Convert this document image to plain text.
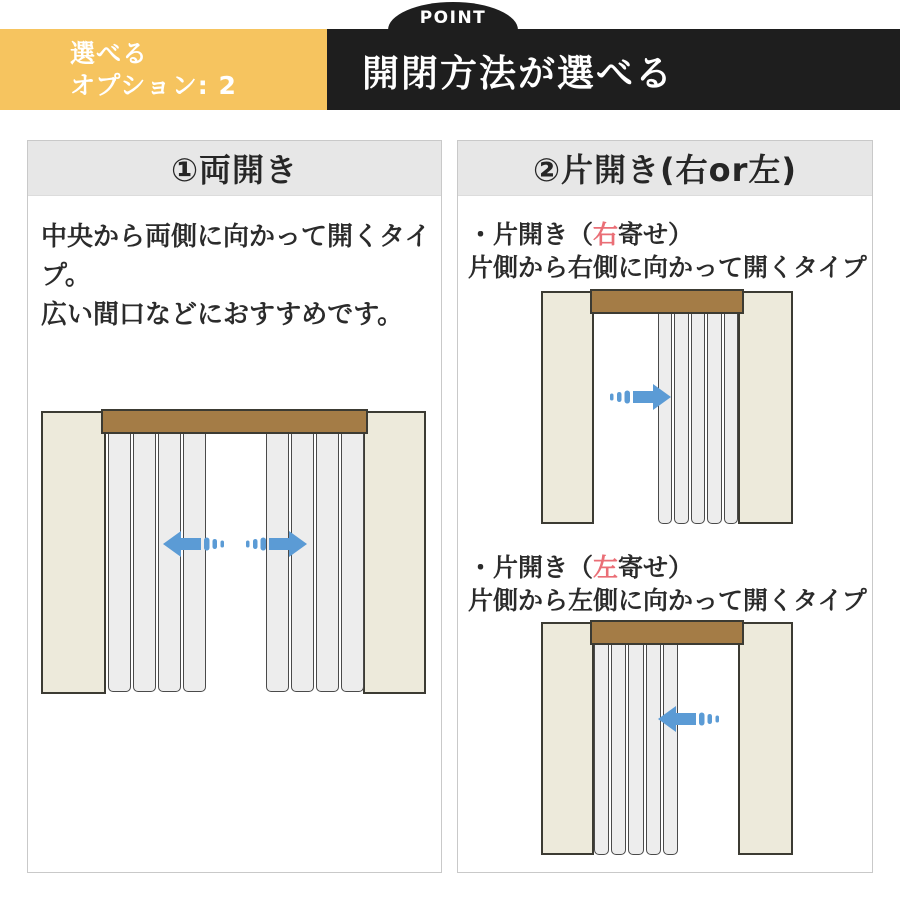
POINT
選べる
オプション: 2	開閉方法が選べる
①両開き

中央から両側に向かって開くタイプ。
広い間口などにおすすめです。

②片開き(右or左)
・片開き（右寄せ）
片側から右側に向かって開くタイプ
・片開き（左寄せ）
片側から左側に向かって開くタイプ
